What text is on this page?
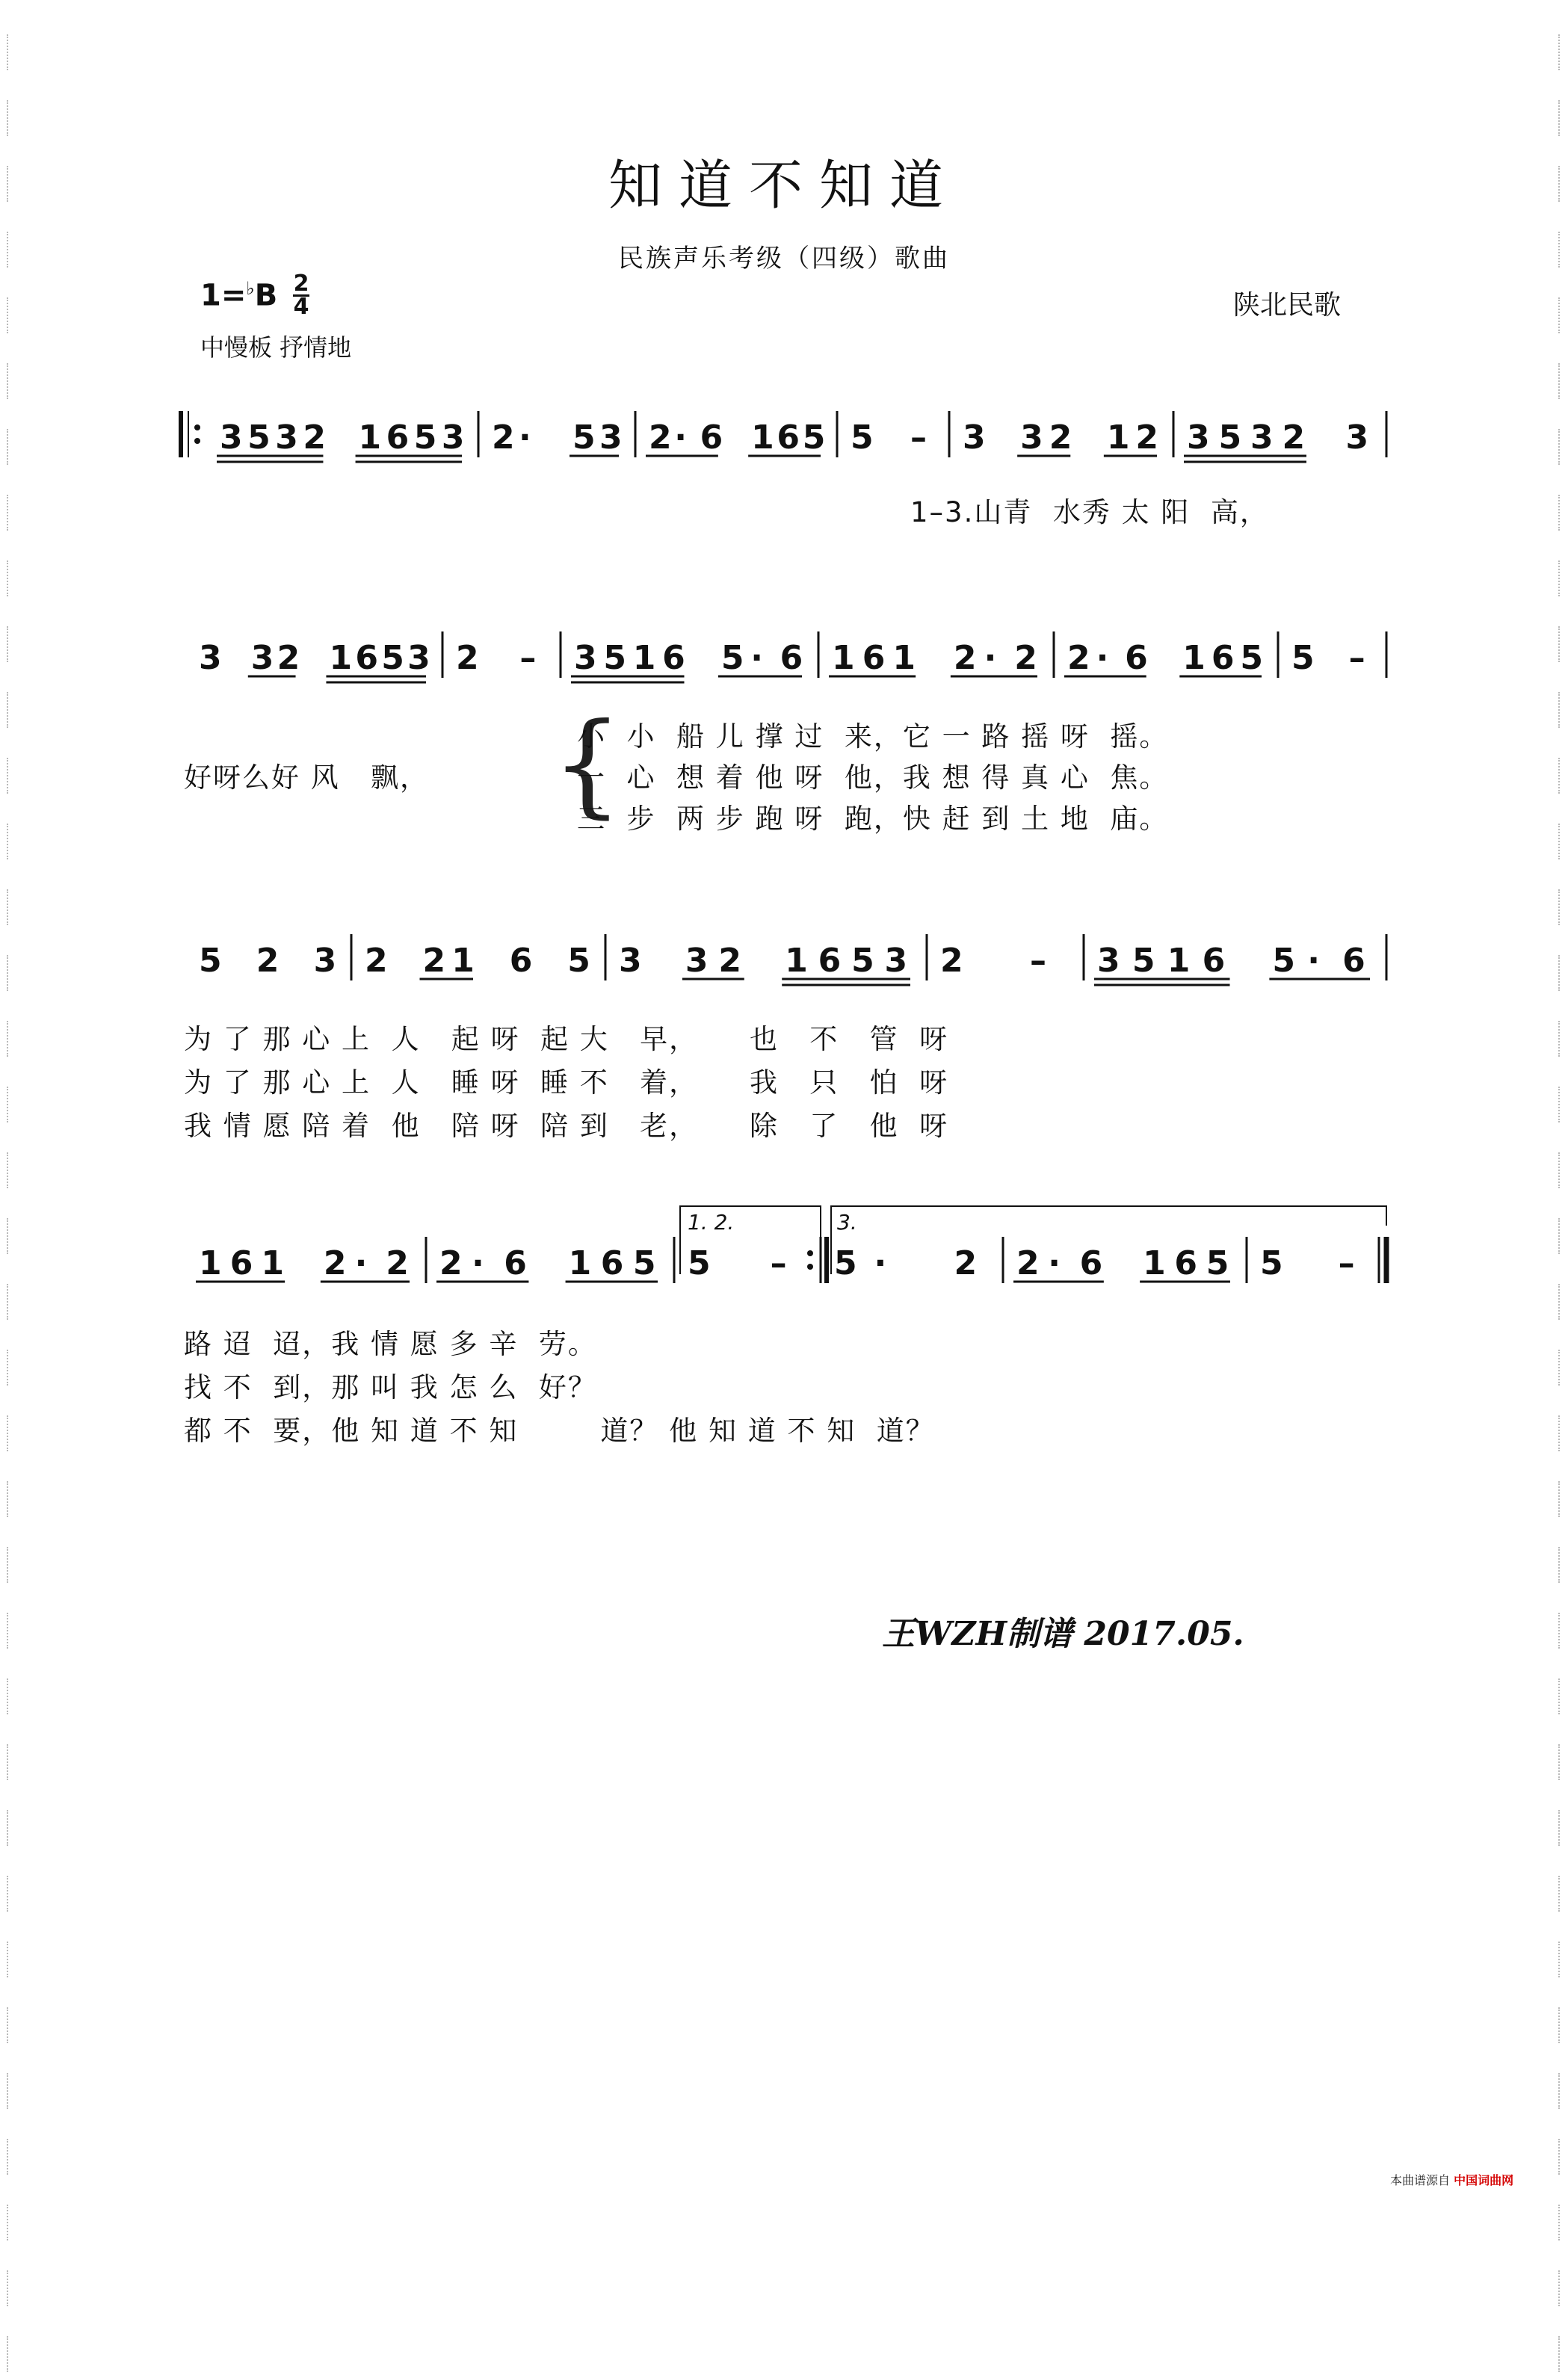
知道不知道
民族声乐考级（四级）歌曲
1=♭B 2
4
中慢板 抒情地
陕北民歌
3 5 3 2 1 6 5 3 2 · 5 3 2 · 6 1 6 5 5 – 3 3 2 1 2 3 5 3 2 3
3 3 2 1 6 5 3 2 – 3 5 1 6 5 · 6 1 6 1 2 · 2 2 · 6 1 6 5 5 –
5 2 3 2 2 1 6 5 3 3 2 1 6 5 3 2 – 3 5 1 6 5 · 6
1 6 1 2 · 2 2 · 6 1 6 5 5 – 5 · 2 2 · 6 1 6 5 5 –
1. 2.	3.
1–3.山青  水秀 太 阳  高，
好呀么好 风   飘， {
小  小  船 儿 撑 过  来，它 一 路 摇 呀  摇。
一  心  想 着 他 呀  他，我 想 得 真 心  焦。
三  步  两 步 跑 呀  跑，快 赶 到 土 地  庙。
为 了 那 心 上  人   起 呀  起 大   早，     也   不   管  呀
为 了 那 心 上  人   睡 呀  睡 不   着，     我   只   怕  呀
我 情 愿 陪 着  他   陪 呀  陪 到   老，     除   了   他  呀
路 迢  迢，我 情 愿 多 辛  劳。
找 不  到，那 叫 我 怎 么  好？
都 不  要，他 知 道 不 知        道？ 他 知 道 不 知  道？
王WZH制谱 2017.05.
本曲谱源自 中国词曲网
